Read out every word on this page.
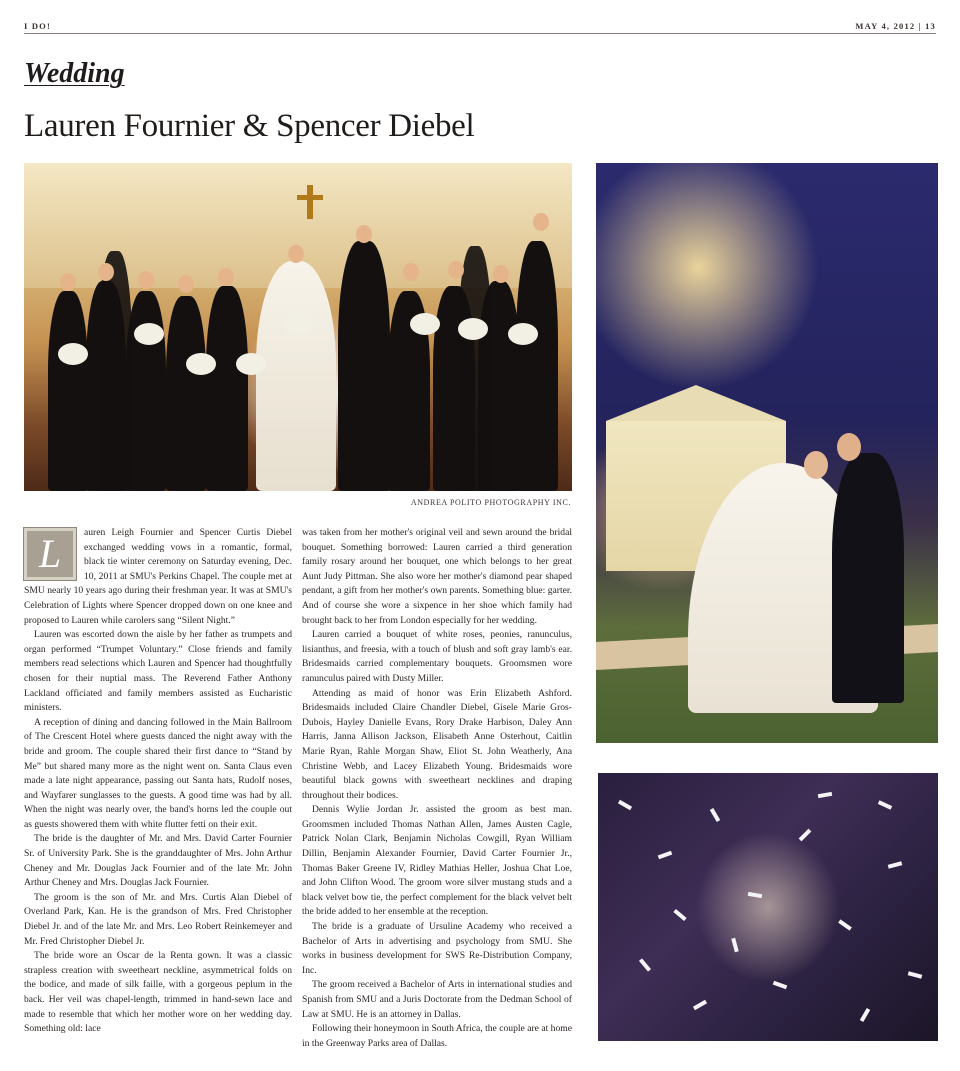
I DO!	MAY 4, 2012 | 13
Wedding
Lauren Fournier & Spencer Diebel
ANDREA POLITO PHOTOGRAPHY INC.
L	auren Leigh Fournier and Spencer Curtis Diebel exchanged wedding vows in a romantic, formal, black tie winter ceremony on Saturday evening, Dec. 10, 2011 at SMU's Perkins Chapel. The couple met at SMU nearly 10 years ago during their freshman year. It was at SMU's Celebration of Lights where Spencer dropped down on one knee and proposed to Lauren while carolers sang “Silent Night.”

Lauren was escorted down the aisle by her father as trumpets and organ performed “Trumpet Voluntary.” Close friends and family members read selections which Lauren and Spencer had thoughtfully chosen for their nuptial mass. The Reverend Father Anthony Lackland officiated and family members assisted as Eucharistic ministers.

A reception of dining and dancing followed in the Main Ballroom of The Crescent Hotel where guests danced the night away with the bride and groom. The couple shared their first dance to “Stand by Me” but shared many more as the night went on. Santa Claus even made a late night appearance, passing out Santa hats, Rudolf noses, and Wayfarer sunglasses to the guests. A good time was had by all. When the night was nearly over, the band's horns led the couple out as guests showered them with white flutter fetti on their exit.

The bride is the daughter of Mr. and Mrs. David Carter Fournier Sr. of University Park. She is the granddaughter of Mrs. John Arthur Cheney and Mr. Douglas Jack Fournier and of the late Mr. John Arthur Cheney and Mrs. Douglas Jack Fournier.

The groom is the son of Mr. and Mrs. Curtis Alan Diebel of Overland Park, Kan. He is the grandson of Mrs. Fred Christopher Diebel Jr. and of the late Mr. and Mrs. Leo Robert Reinkemeyer and Mr. Fred Christopher Diebel Jr.

The bride wore an Oscar de la Renta gown. It was a classic strapless creation with sweetheart neckline, asymmetrical folds on the bodice, and made of silk faille, with a gorgeous peplum in the back. Her veil was chapel-length, trimmed in hand-sewn lace and made to resemble that which her mother wore on her wedding day. Something old: lace

was taken from her mother's original veil and sewn around the bridal bouquet. Something borrowed: Lauren carried a third generation family rosary around her bouquet, one which belongs to her great Aunt Judy Pittman. She also wore her mother's diamond pear shaped pendant, a gift from her mother's own parents. Something blue: garter. And of course she wore a sixpence in her shoe which family had brought back to her from London especially for her wedding.

Lauren carried a bouquet of white roses, peonies, ranunculus, lisianthus, and freesia, with a touch of blush and soft gray lamb's ear. Bridesmaids carried complementary bouquets. Groomsmen wore ranunculus paired with Dusty Miller.

Attending as maid of honor was Erin Elizabeth Ashford. Bridesmaids included Claire Chandler Diebel, Gisele Marie Gros-Dubois, Hayley Danielle Evans, Rory Drake Harbison, Daley Ann Harris, Janna Allison Jackson, Elisabeth Anne Osterhout, Caitlin Marie Ryan, Rahle Morgan Shaw, Eliot St. John Weatherly, Ana Christine Webb, and Lacey Elizabeth Young. Bridesmaids wore beautiful black gowns with sweetheart necklines and draping throughout their bodices.

Dennis Wylie Jordan Jr. assisted the groom as best man. Groomsmen included Thomas Nathan Allen, James Austen Cagle, Patrick Nolan Clark, Benjamin Nicholas Cowgill, Ryan William Dillin, Benjamin Alexander Fournier, David Carter Fournier Jr., Thomas Baker Greene IV, Ridley Mathias Heller, Joshua Chat Loe, and John Clifton Wood. The groom wore silver mustang studs and a black velvet bow tie, the perfect complement for the black velvet belt the bride added to her ensemble at the reception.

The bride is a graduate of Ursuline Academy who received a Bachelor of Arts in advertising and psychology from SMU. She works in business development for SWS Re-Distribution Company, Inc.

The groom received a Bachelor of Arts in international studies and Spanish from SMU and a Juris Doctorate from the Dedman School of Law at SMU. He is an attorney in Dallas.

Following their honeymoon in South Africa, the couple are at home in the Greenway Parks area of Dallas.
